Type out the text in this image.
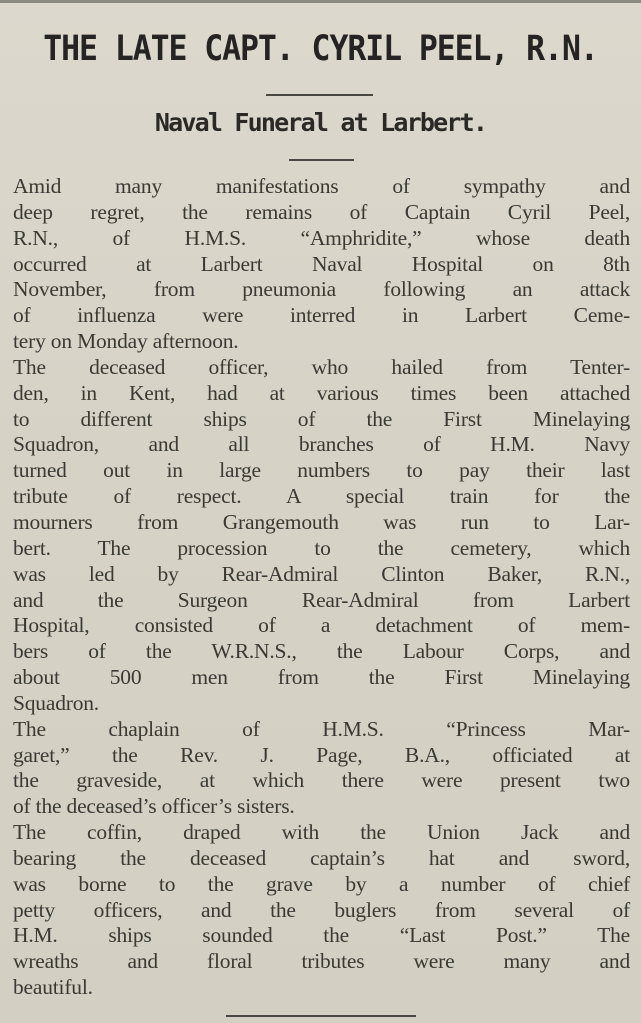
THE LATE CAPT. CYRIL PEEL, R.N.
Naval Funeral at Larbert.
Amid many manifestations of sympathy and
deep regret, the remains of Captain Cyril Peel,
R.N., of H.M.S. “Amphridite,” whose death
occurred at Larbert Naval Hospital on 8th
November, from pneumonia following an attack
of influenza were interred in Larbert Ceme-
tery on Monday afternoon.
The deceased officer, who hailed from Tenter-
den, in Kent, had at various times been attached
to different ships of the First Minelaying
Squadron, and all branches of H.M. Navy
turned out in large numbers to pay their last
tribute of respect. A special train for the
mourners from Grangemouth was run to Lar-
bert. The procession to the cemetery, which
was led by Rear-Admiral Clinton Baker, R.N.,
and the Surgeon Rear-Admiral from Larbert
Hospital, consisted of a detachment of mem-
bers of the W.R.N.S., the Labour Corps, and
about 500 men from the First Minelaying
Squadron.
The chaplain of H.M.S. “Princess Mar-
garet,” the Rev. J. Page, B.A., officiated at
the graveside, at which there were present two
of the deceased’s officer’s sisters.
The coffin, draped with the Union Jack and
bearing the deceased captain’s hat and sword,
was borne to the grave by a number of chief
petty officers, and the buglers from several of
H.M. ships sounded the “Last Post.” The
wreaths and floral tributes were many and
beautiful.
